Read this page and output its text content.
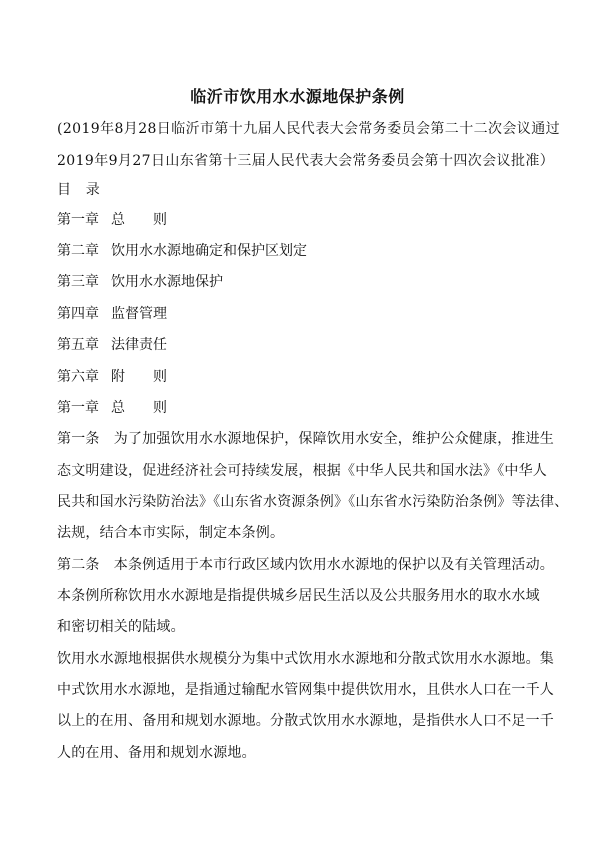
临沂市饮用水水源地保护条例
(2019年8月28日临沂市第十九届人民代表大会常务委员会第二十二次会议通过
2019年9月27日山东省第十三届人民代表大会常务委员会第十四次会议批准）
目　录
第一章 总　　则
第二章 饮用水水源地确定和保护区划定
第三章 饮用水水源地保护
第四章 监督管理
第五章 法律责任
第六章 附　　则
第一章 总　　则
第一条　为了加强饮用水水源地保护，保障饮用水安全，维护公众健康，推进生
态文明建设，促进经济社会可持续发展，根据《中华人民共和国水法》《中华人
民共和国水污染防治法》《山东省水资源条例》《山东省水污染防治条例》等法律、
法规，结合本市实际，制定本条例。
第二条　本条例适用于本市行政区域内饮用水水源地的保护以及有关管理活动。
本条例所称饮用水水源地是指提供城乡居民生活以及公共服务用水的取水水域
和密切相关的陆域。
饮用水水源地根据供水规模分为集中式饮用水水源地和分散式饮用水水源地。集
中式饮用水水源地，是指通过输配水管网集中提供饮用水，且供水人口在一千人
以上的在用、备用和规划水源地。分散式饮用水水源地，是指供水人口不足一千
人的在用、备用和规划水源地。
